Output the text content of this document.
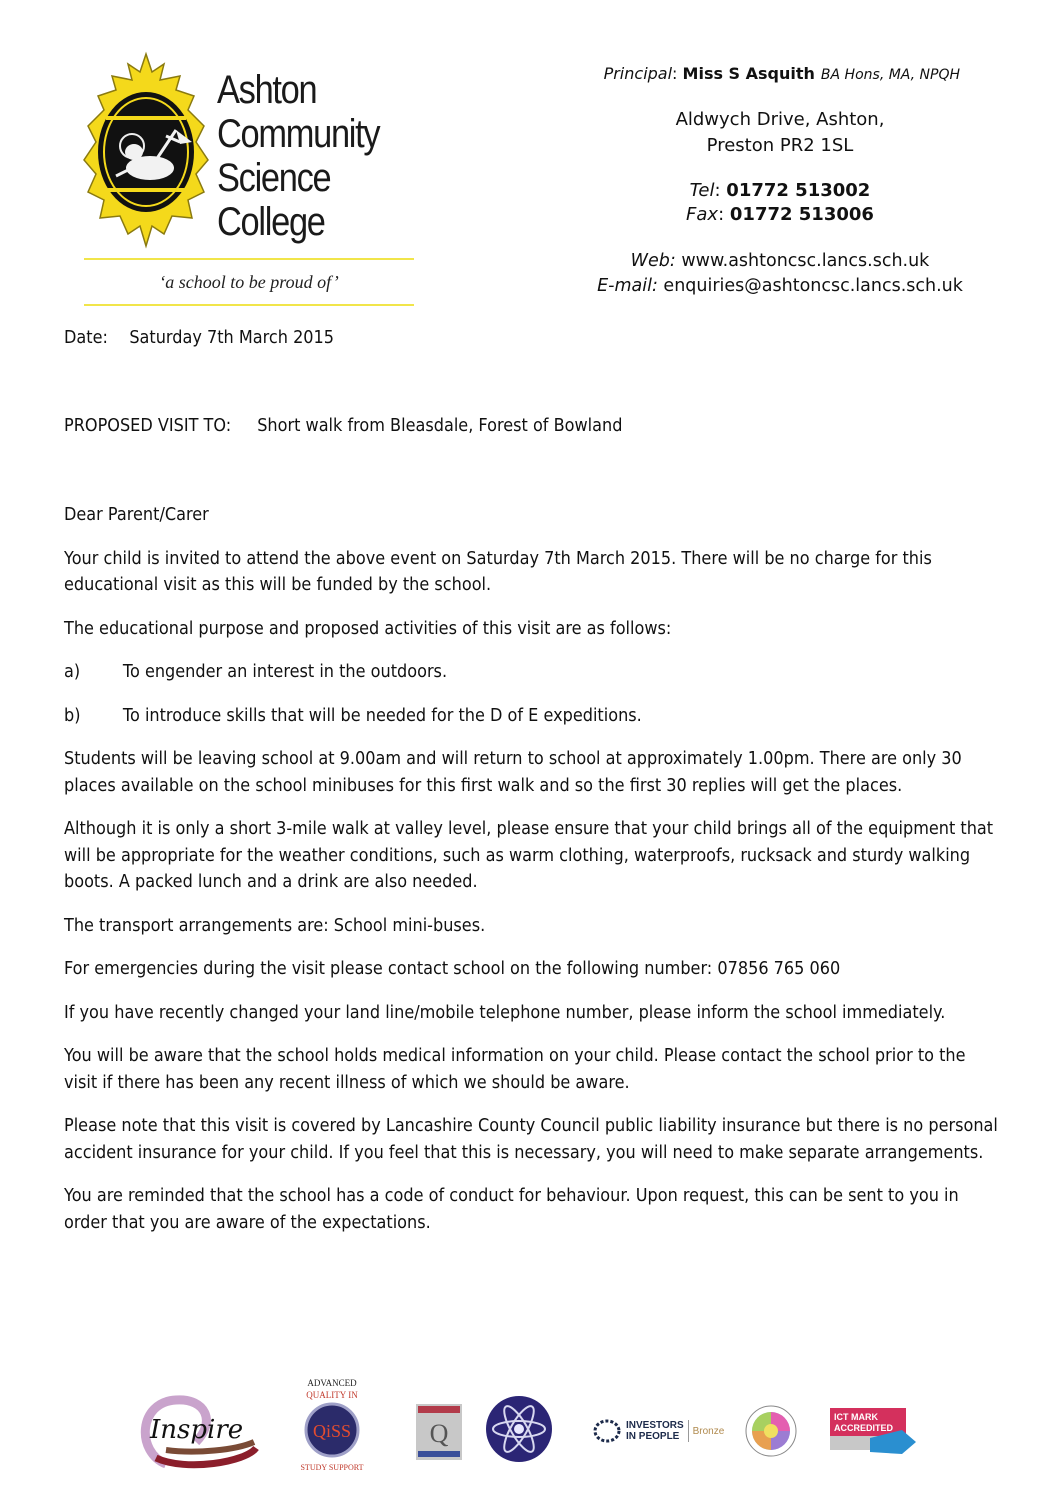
Ashton
Community
Science
College
‘a school to be proud of’
Principal: Miss S Asquith BA Hons, MA, NPQH
Aldwych Drive, Ashton,
Preston PR2 1SL
Tel: 01772 513002
Fax: 01772 513006
Web: www.ashtoncsc.lancs.sch.uk
E-mail: enquiries@ashtoncsc.lancs.sch.uk
Date: Saturday 7th March 2015
PROPOSED VISIT TO: Short walk from Bleasdale, Forest of Bowland

Dear Parent/Carer

Your child is invited to attend the above event on Saturday 7th March 2015. There will be no charge for this educational visit as this will be funded by the school.

The educational purpose and proposed activities of this visit are as follows:

a)	To engender an interest in the outdoors.

b)	To introduce skills that will be needed for the D of E expeditions.

Students will be leaving school at 9.00am and will return to school at approximately 1.00pm. There are only 30 places available on the school minibuses for this first walk and so the first 30 replies will get the places.

Although it is only a short 3-mile walk at valley level, please ensure that your child brings all of the equipment that will be appropriate for the weather conditions, such as warm clothing, waterproofs, rucksack and sturdy walking boots. A packed lunch and a drink are also needed.

The transport arrangements are: School mini-buses.

For emergencies during the visit please contact school on the following number: 07856 765 060

If you have recently changed your land line/mobile telephone number, please inform the school immediately.

You will be aware that the school holds medical information on your child. Please contact the school prior to the visit if there has been any recent illness of which we should be aware.

Please note that this visit is covered by Lancashire County Council public liability insurance but there is no personal accident insurance for your child. If you feel that this is necessary, you will need to make separate arrangements.

You are reminded that the school has a code of conduct for behaviour. Upon request, this can be sent to you in order that you are aware of the expectations.

Inspire
ADVANCED
QUALITY IN
QiSS
STUDY SUPPORT
Q	INVESTORS
IN PEOPLE	Bronze
ICT MARK
ACCREDITED
